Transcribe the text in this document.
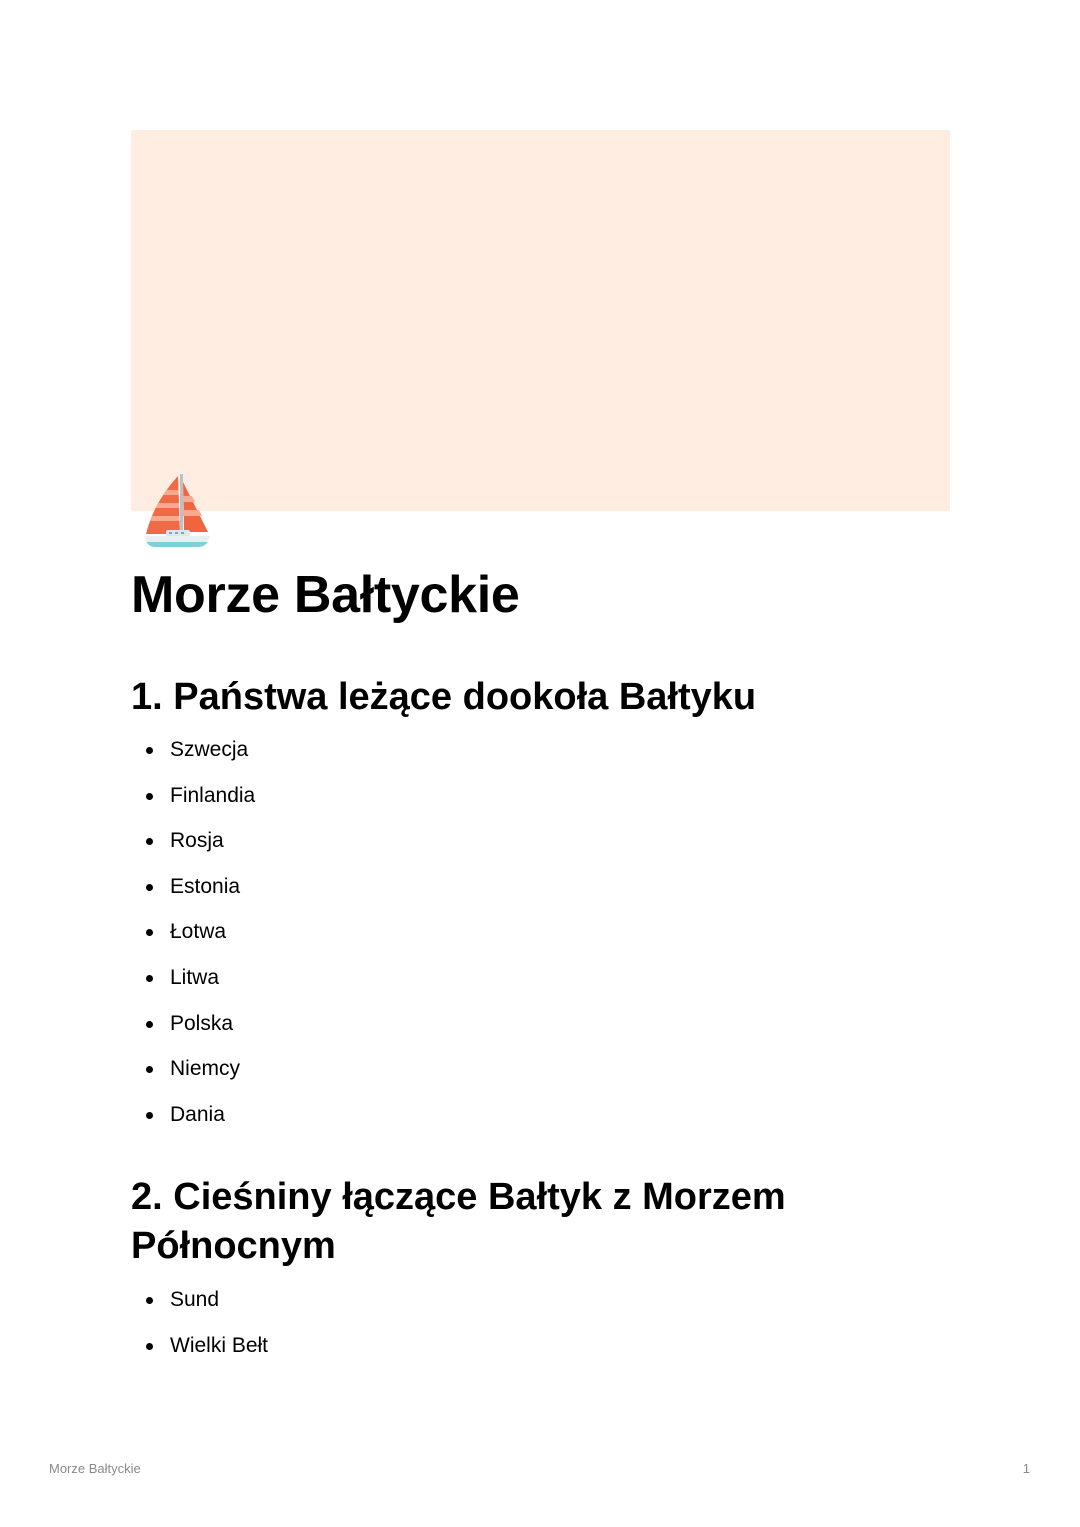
Morze Bałtyckie
1. Państwa leżące dookoła Bałtyku
Szwecja
Finlandia
Rosja
Estonia
Łotwa
Litwa
Polska
Niemcy
Dania
2. Cieśniny łączące Bałtyk z Morzem Północnym
Sund
Wielki Bełt
Morze Bałtyckie	1
